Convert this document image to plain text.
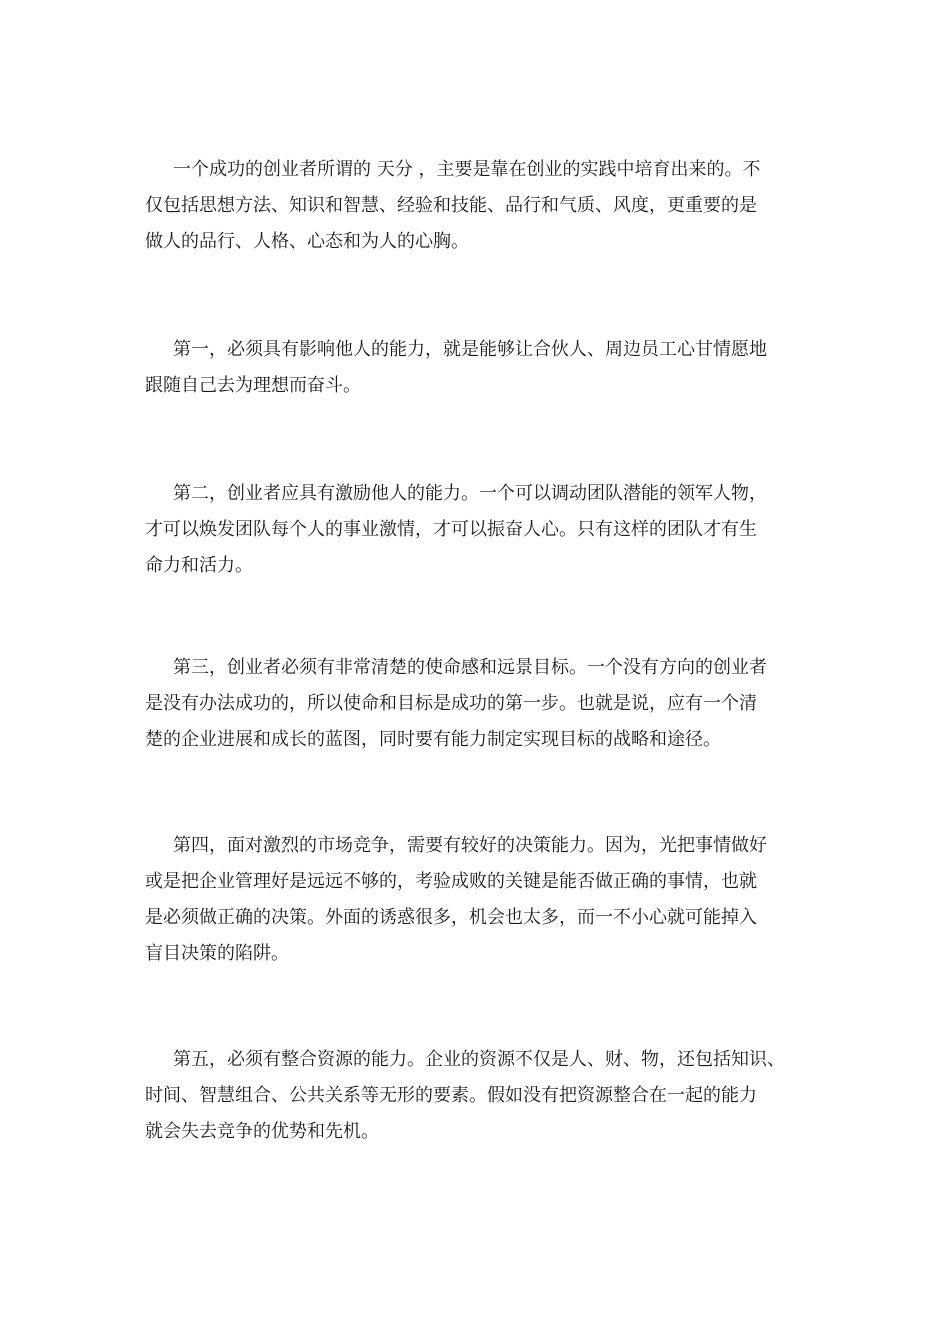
一个成功的创业者所谓的 天分 ，主要是靠在创业的实践中培育出来的。不
仅包括思想方法、知识和智慧、经验和技能、品行和气质、风度，更重要的是
做人的品行、人格、心态和为人的心胸。

第一，必须具有影响他人的能力，就是能够让合伙人、周边员工心甘情愿地
跟随自己去为理想而奋斗。

第二，创业者应具有激励他人的能力。一个可以调动团队潜能的领军人物，
才可以焕发团队每个人的事业激情，才可以振奋人心。只有这样的团队才有生
命力和活力。

第三，创业者必须有非常清楚的使命感和远景目标。一个没有方向的创业者
是没有办法成功的，所以使命和目标是成功的第一步。也就是说，应有一个清
楚的企业进展和成长的蓝图，同时要有能力制定实现目标的战略和途径。

第四，面对激烈的市场竞争，需要有较好的决策能力。因为，光把事情做好
或是把企业管理好是远远不够的，考验成败的关键是能否做正确的事情，也就
是必须做正确的决策。外面的诱惑很多，机会也太多，而一不小心就可能掉入
盲目决策的陷阱。

第五，必须有整合资源的能力。企业的资源不仅是人、财、物，还包括知识、
时间、智慧组合、公共关系等无形的要素。假如没有把资源整合在一起的能力
就会失去竞争的优势和先机。
